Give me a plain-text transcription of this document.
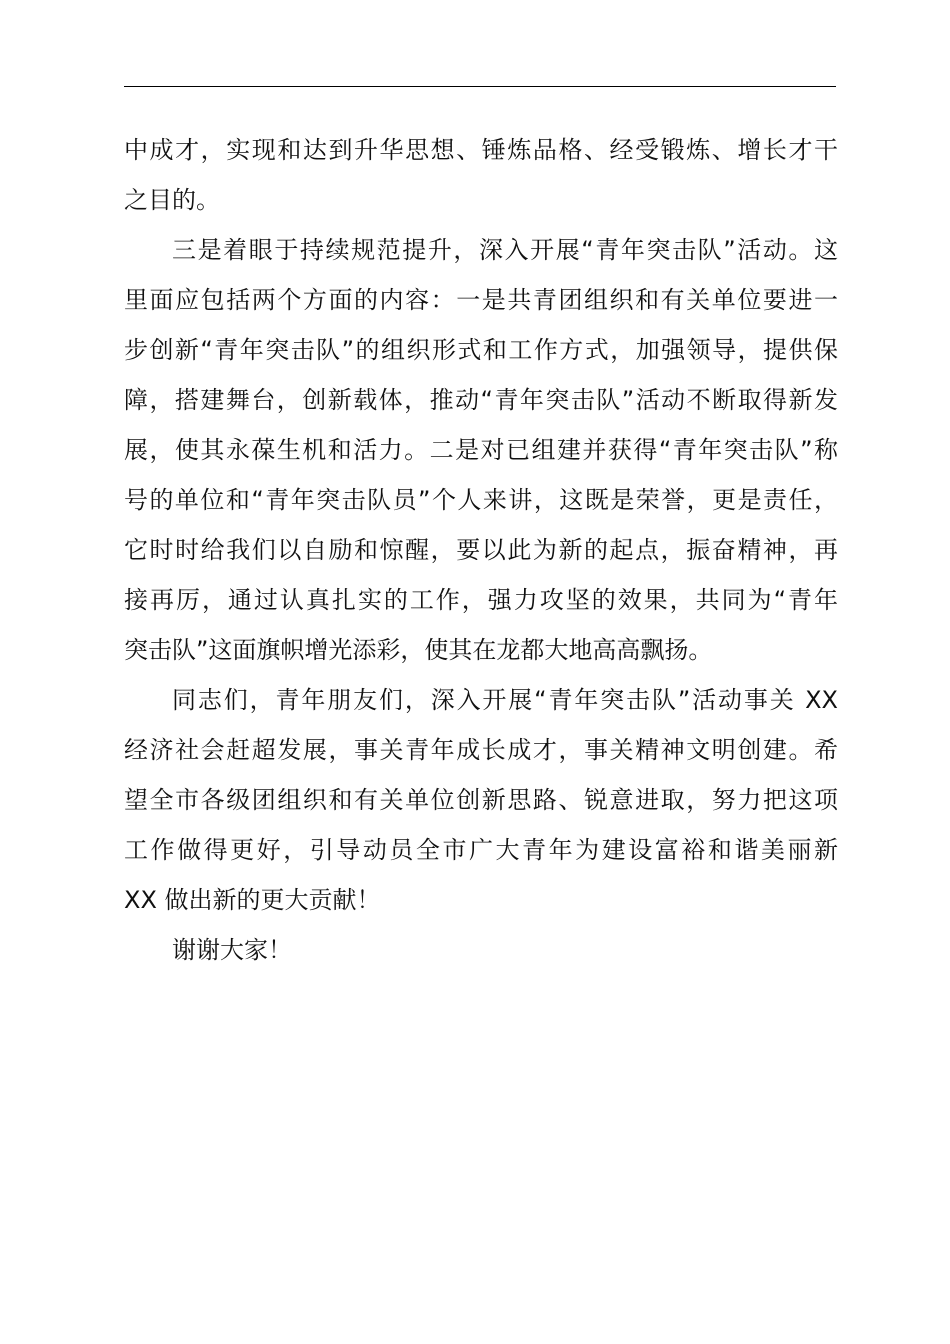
中成才，实现和达到升华思想、锤炼品格、经受锻炼、增长才干
之目的。
三是着眼于持续规范提升，深入开展“青年突击队”活动。这
里面应包括两个方面的内容：一是共青团组织和有关单位要进一
步创新“青年突击队”的组织形式和工作方式，加强领导，提供保
障，搭建舞台，创新载体，推动“青年突击队”活动不断取得新发
展，使其永葆生机和活力。二是对已组建并获得“青年突击队”称
号的单位和“青年突击队员”个人来讲，这既是荣誉，更是责任，
它时时给我们以自励和惊醒，要以此为新的起点，振奋精神，再
接再厉，通过认真扎实的工作，强力攻坚的效果，共同为“青年
突击队”这面旗帜增光添彩，使其在龙都大地高高飘扬。
同志们，青年朋友们，深入开展“青年突击队”活动事关 XX
经济社会赶超发展，事关青年成长成才，事关精神文明创建。希
望全市各级团组织和有关单位创新思路、锐意进取，努力把这项
工作做得更好，引导动员全市广大青年为建设富裕和谐美丽新
XX 做出新的更大贡献！
谢谢大家！
